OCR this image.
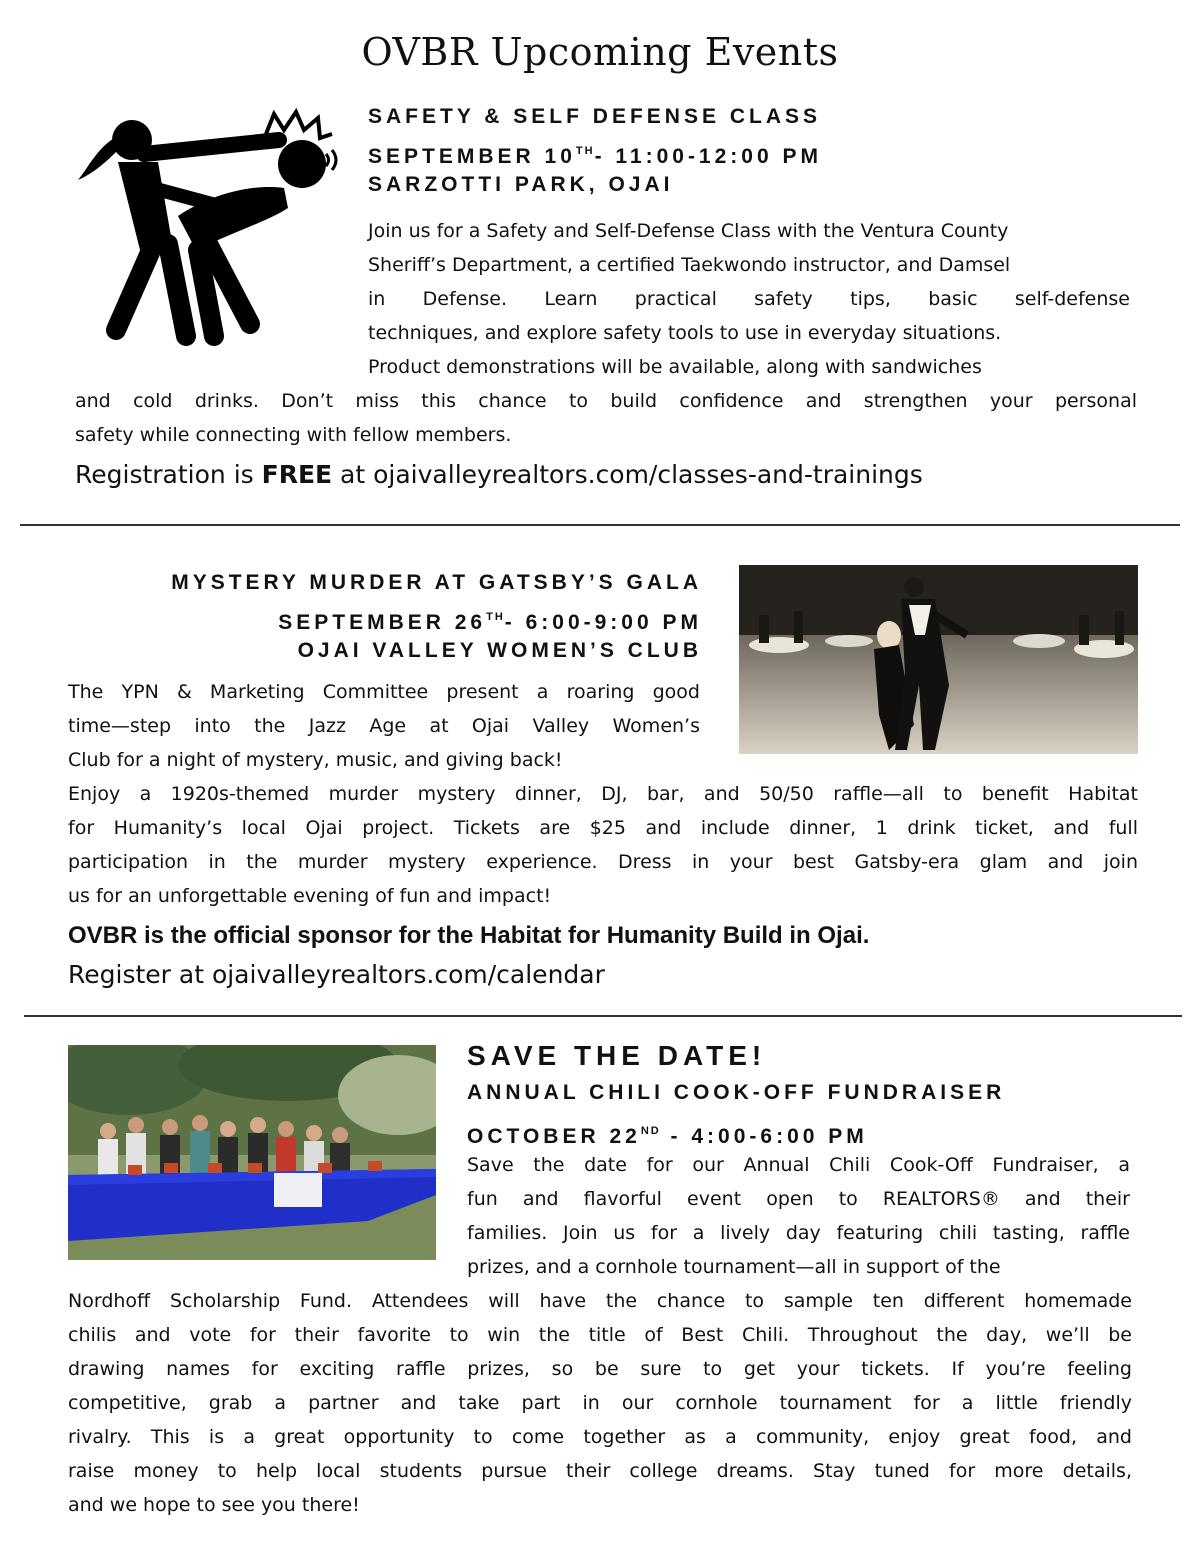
OVBR Upcoming Events
SAFETY & SELF DEFENSE CLASS
SEPTEMBER 10TH- 11:00-12:00 PM
SARZOTTI PARK, OJAI
Join us for a Safety and Self-Defense Class with the Ventura County
Sheriff’s Department, a certified Taekwondo instructor, and Damsel
in Defense. Learn practical safety tips, basic self-defense
techniques, and explore safety tools to use in everyday situations.
Product demonstrations will be available, along with sandwiches
and cold drinks. Don’t miss this chance to build confidence and strengthen your personal
safety while connecting with fellow members.
Registration is FREE at ojaivalleyrealtors.com/classes-and-trainings
MYSTERY MURDER AT GATSBY’S GALA
SEPTEMBER 26TH- 6:00-9:00 PM
OJAI VALLEY WOMEN’S CLUB
The YPN & Marketing Committee present a roaring good
time—step into the Jazz Age at Ojai Valley Women’s
Club for a night of mystery, music, and giving back!
Enjoy a 1920s-themed murder mystery dinner, DJ, bar, and 50/50 raffle—all to benefit Habitat
for Humanity’s local Ojai project. Tickets are $25 and include dinner, 1 drink ticket, and full
participation in the murder mystery experience. Dress in your best Gatsby-era glam and join
us for an unforgettable evening of fun and impact!
OVBR is the official sponsor for the Habitat for Humanity Build in Ojai.
Register at ojaivalleyrealtors.com/calendar
SAVE THE DATE!
ANNUAL CHILI COOK-OFF FUNDRAISER
OCTOBER 22ND - 4:00-6:00 PM
Save the date for our Annual Chili Cook-Off Fundraiser, a
fun and flavorful event open to REALTORS® and their
families. Join us for a lively day featuring chili tasting, raffle
prizes, and a cornhole tournament—all in support of the
Nordhoff Scholarship Fund. Attendees will have the chance to sample ten different homemade
chilis and vote for their favorite to win the title of Best Chili. Throughout the day, we’ll be
drawing names for exciting raffle prizes, so be sure to get your tickets. If you’re feeling
competitive, grab a partner and take part in our cornhole tournament for a little friendly
rivalry. This is a great opportunity to come together as a community, enjoy great food, and
raise money to help local students pursue their college dreams. Stay tuned for more details,
and we hope to see you there!
